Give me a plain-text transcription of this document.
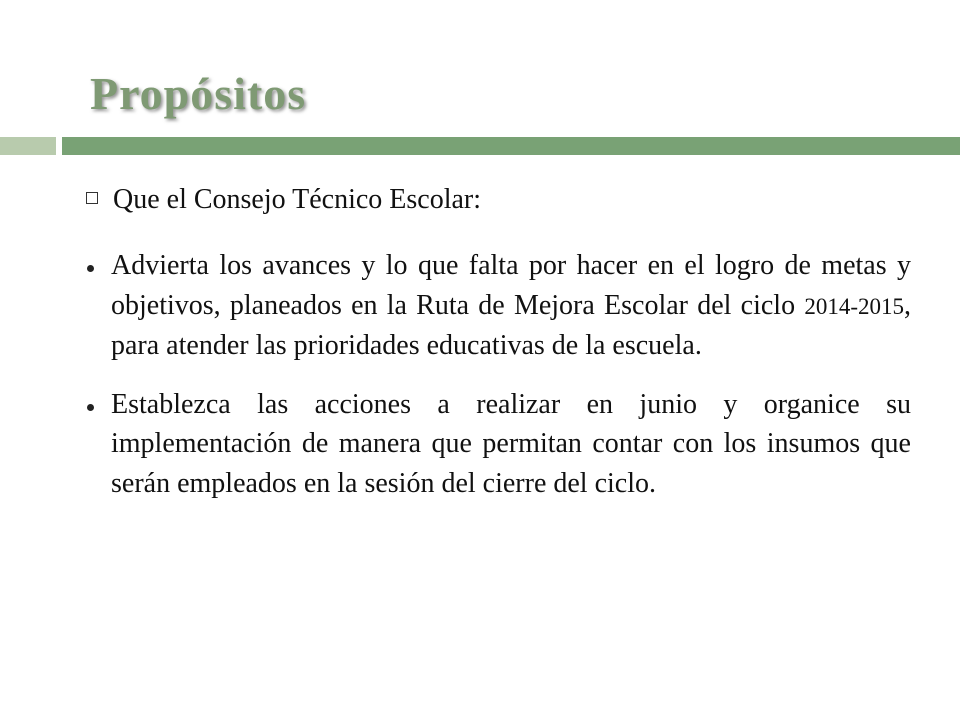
Propósitos
Que el Consejo Técnico Escolar:
Advierta los avances y lo que falta por hacer en el logro de metas y objetivos, planeados en la Ruta de Mejora Escolar del ciclo 2014-2015, para atender las prioridades educativas de la escuela.
Establezca las acciones a realizar en junio y organice su implementación de manera que permitan contar con los insumos que serán empleados en la sesión del cierre del ciclo.
